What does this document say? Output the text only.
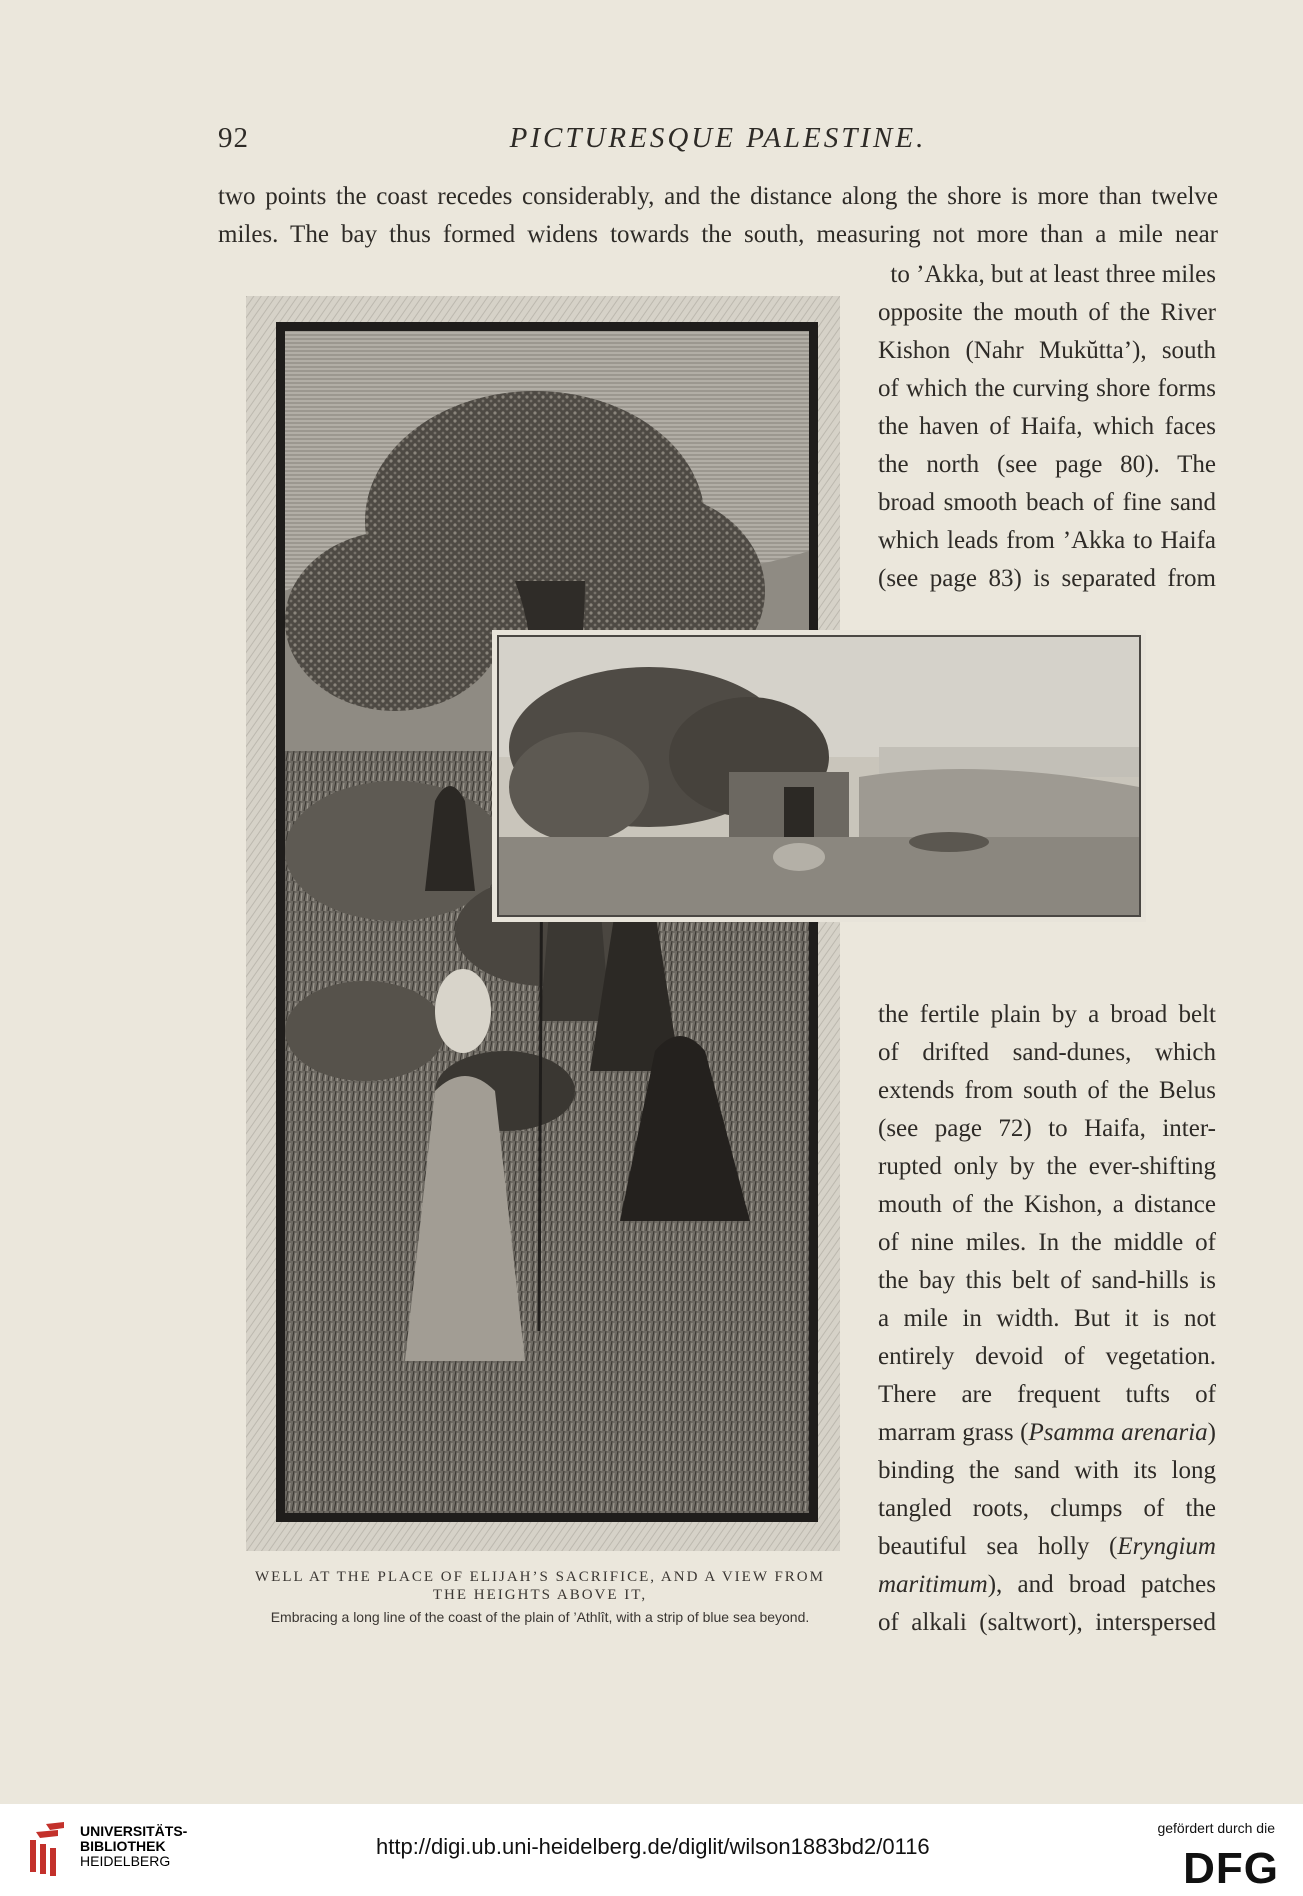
92	PICTURESQUE PALESTINE.
two points the coast recedes considerably, and the distance along the shore is more than twelve
miles. The bay thus formed widens towards the south, measuring not more than a mile near
to ’Akka, but at least three miles
opposite the mouth of the River
Kishon (Nahr Mukŭtta’), south
of which the curving shore forms
the haven of Haifa, which faces
the north (see page 80). The
broad smooth beach of fine sand
which leads from ’Akka to Haifa
(see page 83) is separated from
the fertile plain by a broad belt
of drifted sand-dunes, which
extends from south of the Belus
(see page 72) to Haifa, inter-
rupted only by the ever-shifting
mouth of the Kishon, a distance
of nine miles. In the middle of
the bay this belt of sand-hills is
a mile in width. But it is not
entirely devoid of vegetation.
There are frequent tufts of
marram grass (Psamma arenaria)
binding the sand with its long
tangled roots, clumps of the
beautiful sea holly (Eryngium
maritimum), and broad patches
of alkali (saltwort), interspersed
WELL AT THE PLACE OF ELIJAH’S SACRIFICE, AND A VIEW FROM
THE HEIGHTS ABOVE IT,
Embracing a long line of the coast of the plain of ’Athlît, with a strip of blue sea beyond.
UNIVERSITÄTS-
BIBLIOTHEK
HEIDELBERG
http://digi.ub.uni-heidelberg.de/diglit/wilson1883bd2/0116
gefördert durch die
DFG
